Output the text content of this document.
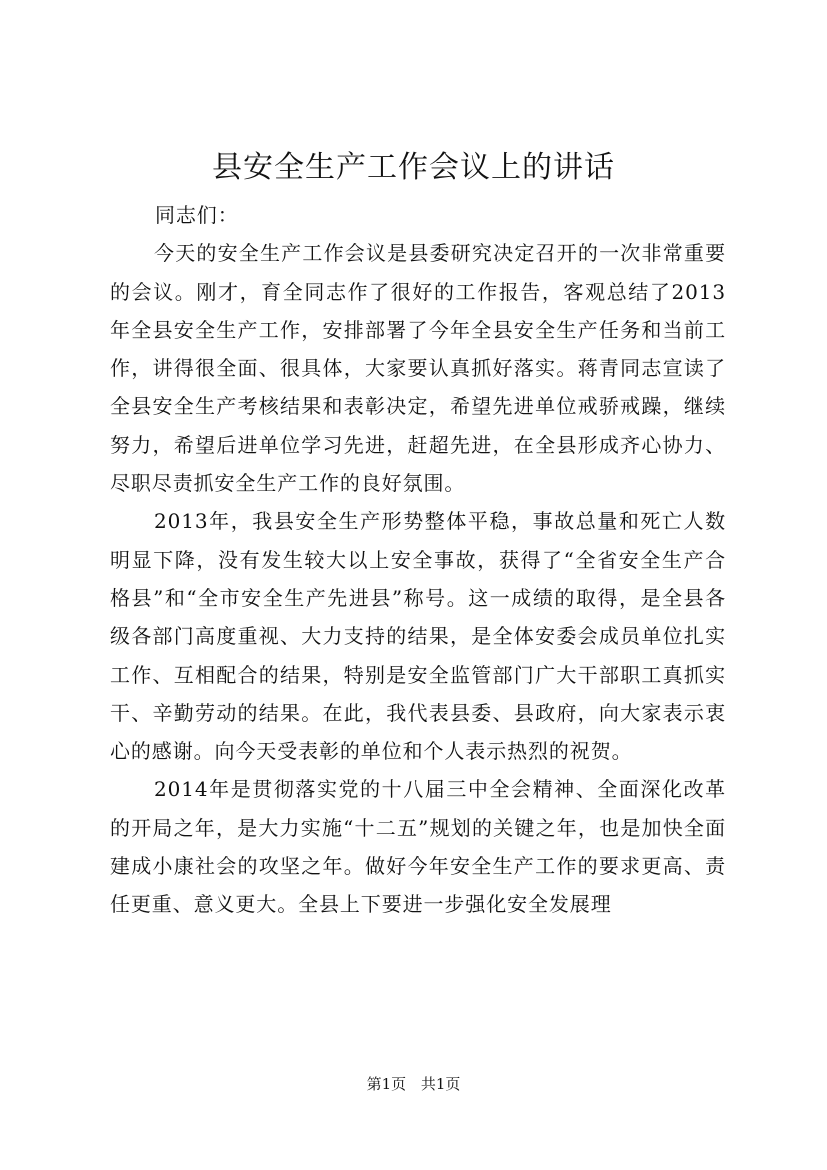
县安全生产工作会议上的讲话

同志们：

今天的安全生产工作会议是县委研究决定召开的一次非常重要的会议。刚才，育全同志作了很好的工作报告，客观总结了2013年全县安全生产工作，安排部署了今年全县安全生产任务和当前工作，讲得很全面、很具体，大家要认真抓好落实。蒋青同志宣读了全县安全生产考核结果和表彰决定，希望先进单位戒骄戒躁，继续努力，希望后进单位学习先进，赶超先进，在全县形成齐心协力、尽职尽责抓安全生产工作的良好氛围。

2013年，我县安全生产形势整体平稳，事故总量和死亡人数明显下降，没有发生较大以上安全事故，获得了“全省安全生产合格县”和“全市安全生产先进县”称号。这一成绩的取得，是全县各级各部门高度重视、大力支持的结果，是全体安委会成员单位扎实工作、互相配合的结果，特别是安全监管部门广大干部职工真抓实干、辛勤劳动的结果。在此，我代表县委、县政府，向大家表示衷心的感谢。向今天受表彰的单位和个人表示热烈的祝贺。

2014年是贯彻落实党的十八届三中全会精神、全面深化改革的开局之年，是大力实施“十二五”规划的关键之年，也是加快全面建成小康社会的攻坚之年。做好今年安全生产工作的要求更高、责任更重、意义更大。全县上下要进一步强化安全发展理

第1页 共1页
